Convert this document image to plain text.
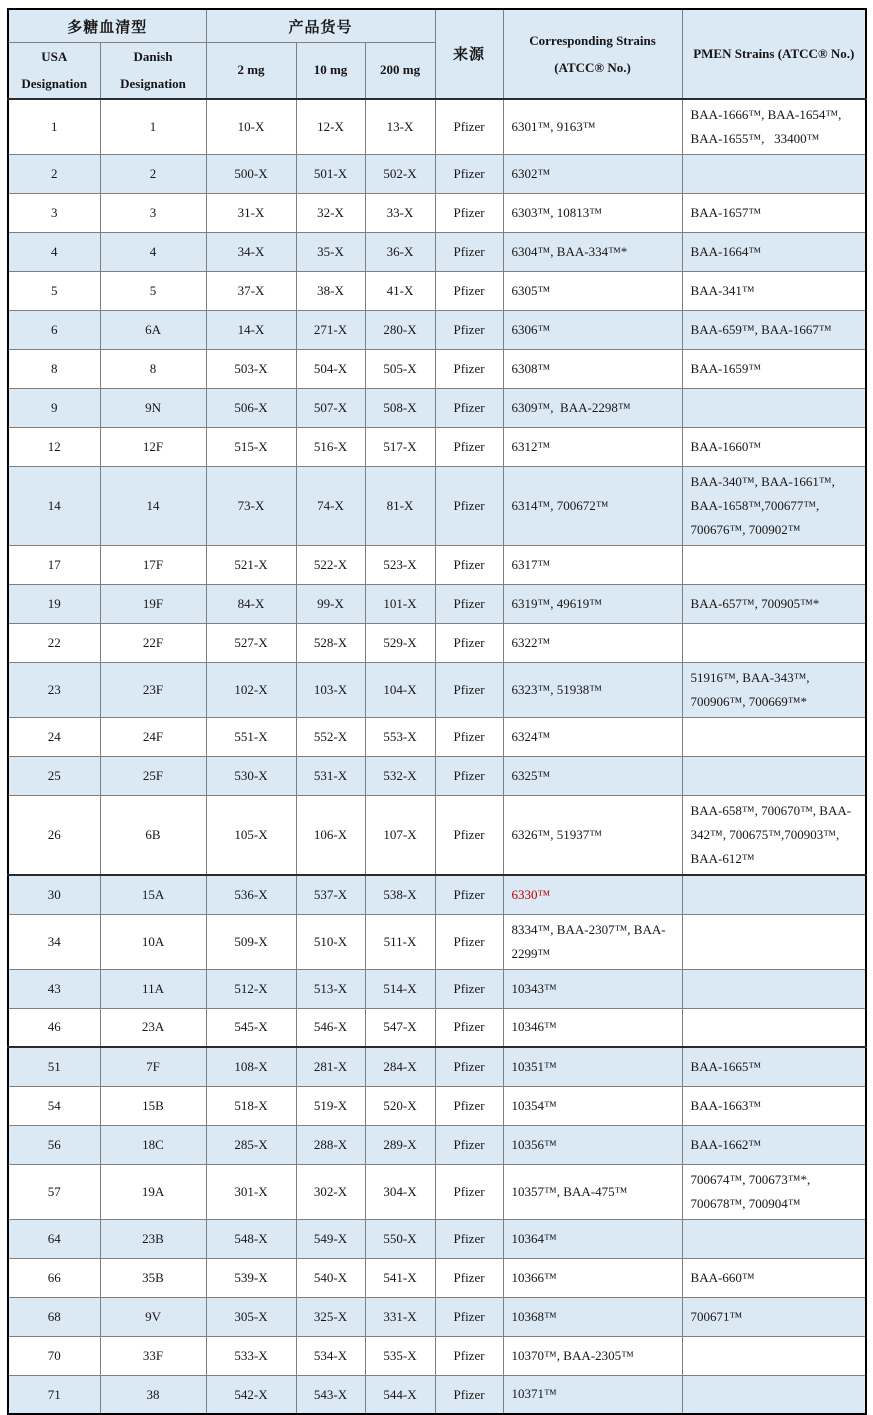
多糖血清型		产品货号			来源	Corresponding Strains (ATCC® No.)	PMEN Strains (ATCC® No.)
USA Designation	Danish Designation	2 mg	10 mg	200 mg			
1	1	10-X	12-X	13-X	Pfizer	6301™, 9163™	BAA-1666™, BAA-1654™, BAA-1655™,  33400™
2	2	500-X	501-X	502-X	Pfizer	6302™	
3	3	31-X	32-X	33-X	Pfizer	6303™, 10813™	BAA-1657™
4	4	34-X	35-X	36-X	Pfizer	6304™, BAA-334™*	BAA-1664™
5	5	37-X	38-X	41-X	Pfizer	6305™	BAA-341™
6	6A	14-X	271-X	280-X	Pfizer	6306™	BAA-659™, BAA-1667™
8	8	503-X	504-X	505-X	Pfizer	6308™	BAA-1659™
9	9N	506-X	507-X	508-X	Pfizer	6309™, BAA-2298™	
12	12F	515-X	516-X	517-X	Pfizer	6312™	BAA-1660™
14	14	73-X	74-X	81-X	Pfizer	6314™, 700672™	BAA-340™, BAA-1661™, BAA-1658™,700677™, 700676™, 700902™
17	17F	521-X	522-X	523-X	Pfizer	6317™	
19	19F	84-X	99-X	101-X	Pfizer	6319™, 49619™	BAA-657™, 700905™*
22	22F	527-X	528-X	529-X	Pfizer	6322™	
23	23F	102-X	103-X	104-X	Pfizer	6323™, 51938™	51916™, BAA-343™, 700906™, 700669™*
24	24F	551-X	552-X	553-X	Pfizer	6324™	
25	25F	530-X	531-X	532-X	Pfizer	6325™	
26	6B	105-X	106-X	107-X	Pfizer	6326™, 51937™	BAA-658™, 700670™, BAA-342™, 700675™,700903™, BAA-612™
30	15A	536-X	537-X	538-X	Pfizer	6330™	
34	10A	509-X	510-X	511-X	Pfizer	8334™, BAA-2307™, BAA-2299™	
43	11A	512-X	513-X	514-X	Pfizer	10343™	
46	23A	545-X	546-X	547-X	Pfizer	10346™	
51	7F	108-X	281-X	284-X	Pfizer	10351™	BAA-1665™
54	15B	518-X	519-X	520-X	Pfizer	10354™	BAA-1663™
56	18C	285-X	288-X	289-X	Pfizer	10356™	BAA-1662™
57	19A	301-X	302-X	304-X	Pfizer	10357™, BAA-475™	700674™, 700673™*, 700678™, 700904™
64	23B	548-X	549-X	550-X	Pfizer	10364™	
66	35B	539-X	540-X	541-X	Pfizer	10366™	BAA-660™
68	9V	305-X	325-X	331-X	Pfizer	10368™	700671™
70	33F	533-X	534-X	535-X	Pfizer	10370™, BAA-2305™	
71	38	542-X	543-X	544-X	Pfizer	10371™	
